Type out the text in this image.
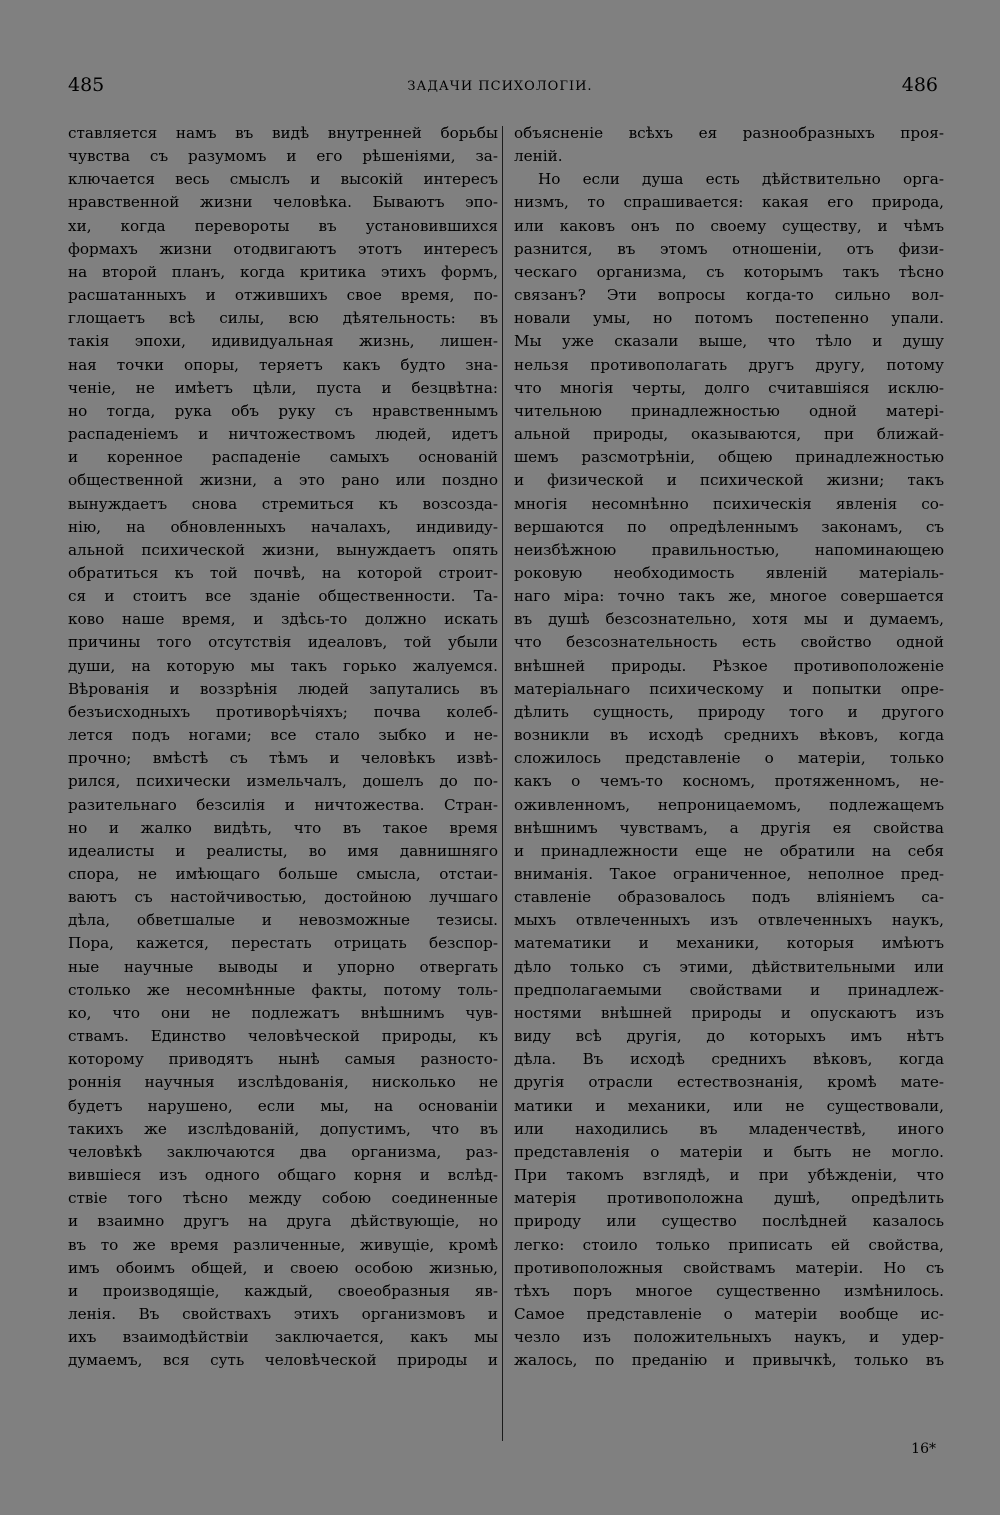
485	ЗАДАЧИ ПСИХОЛОГІИ.	486
ставляется намъ въ видѣ внутренней борьбы
чувства съ разумомъ и его рѣшеніями, за-
ключается весь смыслъ и высокій интересъ
нравственной жизни человѣка. Бываютъ эпо-
хи, когда перевороты въ установившихся
формахъ жизни отодвигаютъ этотъ интересъ
на второй планъ, когда критика этихъ формъ,
расшатанныхъ и отжившихъ свое время, по-
глощаетъ всѣ силы, всю дѣятельность: въ
такія эпохи, идивидуальная жизнь, лишен-
ная точки опоры, теряетъ какъ будто зна-
ченіе, не имѣетъ цѣли, пуста и безцвѣтна:
но тогда, рука объ руку съ нравственнымъ
распаденіемъ и ничтожествомъ людей, идетъ
и коренное распаденіе самыхъ основаній
общественной жизни, а это рано или поздно
вынуждаетъ снова стремиться къ возсозда-
нію, на обновленныхъ началахъ, индивиду-
альной психической жизни, вынуждаетъ опять
обратиться къ той почвѣ, на которой строит-
ся и стоитъ все зданіе общественности. Та-
ково наше время, и здѣсь-то должно искать
причины того отсутствія идеаловъ, той убыли
души, на которую мы такъ горько жалуемся.
Вѣрованія и воззрѣнія людей запутались въ
безъисходныхъ противорѣчіяхъ; почва колеб-
лется подъ ногами; все стало зыбко и не-
прочно; вмѣстѣ съ тѣмъ и человѣкъ извѣ-
рился, психически измельчалъ, дошелъ до по-
разительнаго безсилія и ничтожества. Стран-
но и жалко видѣть, что въ такое время
идеалисты и реалисты, во имя давнишняго
спора, не имѣющаго больше смысла, отстаи-
ваютъ съ настойчивостью, достойною лучшаго
дѣла, обветшалые и невозможные тезисы.
Пора, кажется, перестать отрицать безспор-
ные научные выводы и упорно отвергать
столько же несомнѣнные факты, потому толь-
ко, что они не подлежатъ внѣшнимъ чув-
ствамъ. Единство человѣческой природы, къ
которому приводятъ нынѣ самыя разносто-
роннія научныя изслѣдованія, нисколько не
будетъ нарушено, если мы, на основаніи
такихъ же изслѣдованій, допустимъ, что въ
человѣкѣ заключаются два организма, раз-
вившіеся изъ одного общаго корня и вслѣд-
ствіе того тѣсно между собою соединенные
и взаимно другъ на друга дѣйствующіе, но
въ то же время различенные, живущіе, кромѣ
имъ обоимъ общей, и своею особою жизнью,
и производящіе, каждый, своеобразныя яв-
ленія. Въ свойствахъ этихъ организмовъ и
ихъ взаимодѣйствіи заключается, какъ мы
думаемъ, вся суть человѣческой природы и
объясненіе всѣхъ ея разнообразныхъ проя-
леній.
Но если душа есть дѣйствительно орга-
низмъ, то спрашивается: какая его природа,
или каковъ онъ по своему существу, и чѣмъ
разнится, въ этомъ отношеніи, отъ физи-
ческаго организма, съ которымъ такъ тѣсно
связанъ? Эти вопросы когда-то сильно вол-
новали умы, но потомъ постепенно упали.
Мы уже сказали выше, что тѣло и душу
нельзя противополагать другъ другу, потому
что многія черты, долго считавшіяся исклю-
чительною принадлежностью одной матері-
альной природы, оказываются, при ближай-
шемъ разсмотрѣніи, общею принадлежностью
и физической и психической жизни; такъ
многія несомнѣнно психическія явленія со-
вершаются по опредѣленнымъ законамъ, съ
неизбѣжною правильностью, напоминающею
роковую необходимость явленій матеріаль-
наго міра: точно такъ же, многое совершается
въ душѣ безсознательно, хотя мы и думаемъ,
что безсознательность есть свойство одной
внѣшней природы. Рѣзкое противоположеніе
матеріальнаго психическому и попытки опре-
дѣлить сущность, природу того и другого
возникли въ исходѣ среднихъ вѣковъ, когда
сложилось представленіе о матеріи, только
какъ о чемъ-то косномъ, протяженномъ, не-
оживленномъ, непроницаемомъ, подлежащемъ
внѣшнимъ чувствамъ, а другія ея свойства
и принадлежности еще не обратили на себя
вниманія. Такое ограниченное, неполное пред-
ставленіе образовалось подъ вліяніемъ са-
мыхъ отвлеченныхъ изъ отвлеченныхъ наукъ,
математики и механики, которыя имѣютъ
дѣло только съ этими, дѣйствительными или
предполагаемыми свойствами и принадлеж-
ностями внѣшней природы и опускаютъ изъ
виду всѣ другія, до которыхъ имъ нѣтъ
дѣла. Въ исходѣ среднихъ вѣковъ, когда
другія отрасли естествознанія, кромѣ мате-
матики и механики, или не существовали,
или находились въ младенчествѣ, иного
представленія о матеріи и быть не могло.
При такомъ взглядѣ, и при убѣжденіи, что
матерія противоположна душѣ, опредѣлить
природу или существо послѣдней казалось
легко: стоило только приписать ей свойства,
противоположныя свойствамъ матеріи. Но съ
тѣхъ поръ многое существенно измѣнилось.
Самое представленіе о матеріи вообще ис-
чезло изъ положительныхъ наукъ, и удер-
жалось, по преданію и привычкѣ, только въ
16*
